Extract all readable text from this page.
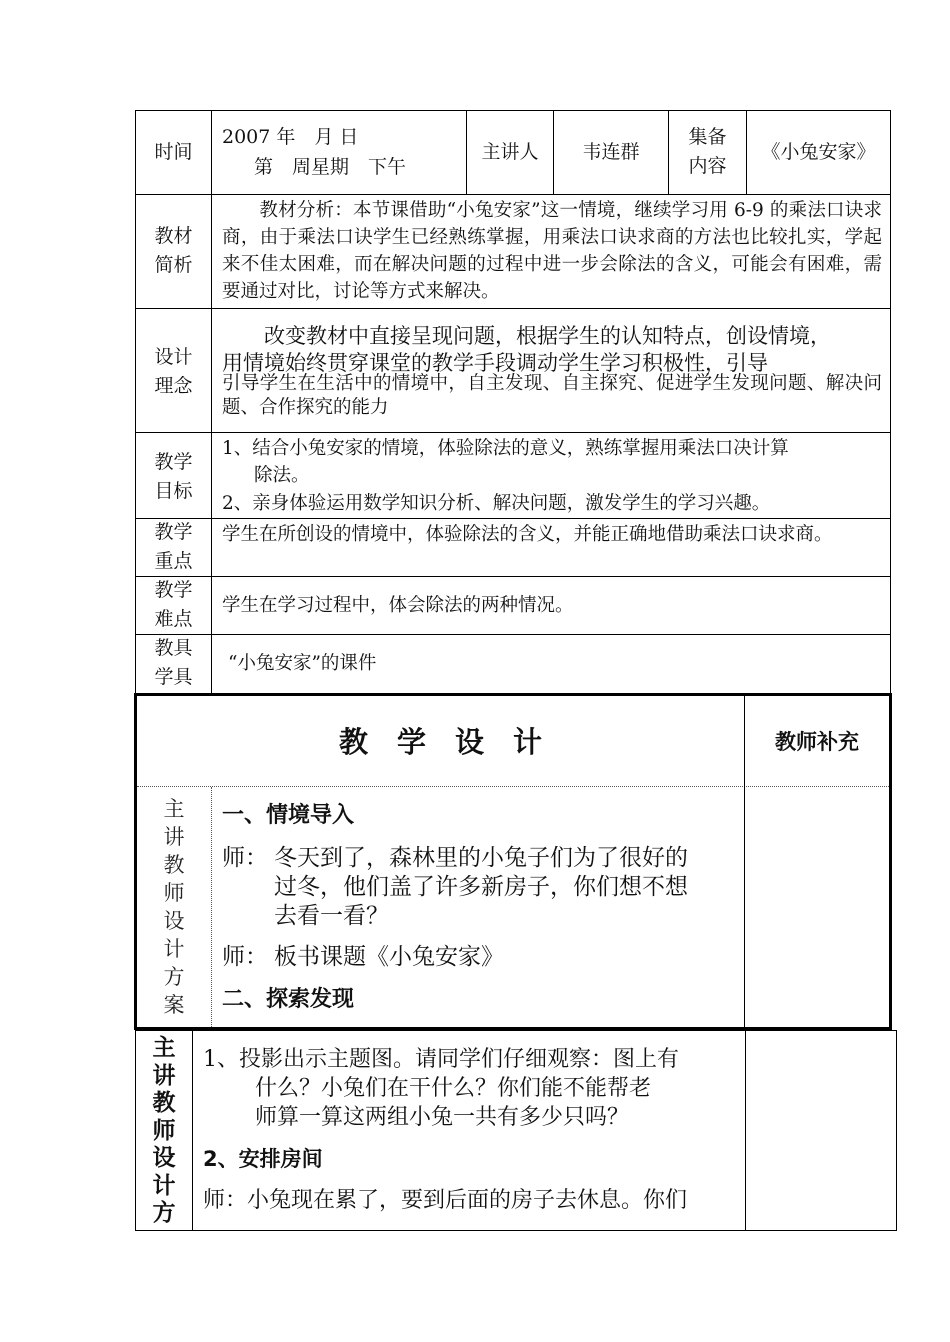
时间
2007 年　月 日
第　周星期　下午
主讲人	韦连群
集备
内容
《小兔安家》
教材
简析
　　教材分析：本节课借助“小兔安家”这一情境，继续学习用 6-9 的乘法口诀求商，由于乘法口诀学生已经熟练掌握，用乘法口诀求商的方法也比较扎实，学起来不佳太困难，而在解决问题的过程中进一步会除法的含义，可能会有困难，需要通过对比，讨论等方式来解决。
设计
理念
　　改变教材中直接呈现问题，根据学生的认知特点，创设情境，
用情境始终贯穿课堂的教学手段调动学生学习积极性，引导
引导学生在生活中的情境中，自主发现、自主探究、促进学生发现问题、解决问题、合作探究的能力
教学
目标
1、结合小兔安家的情境，体验除法的意义，熟练掌握用乘法口决计算
除法。
2、亲身体验运用数学知识分析、解决问题，激发学生的学习兴趣。
教学
重点
学生在所创设的情境中，体验除法的含义，并能正确地借助乘法口诀求商。
教学
难点
学生在学习过程中，体会除法的两种情况。
教具
学具
“小兔安家”的课件
教　学　设　计	教师补充
主
讲
教
师
设
计
方
案
一、情境导入
师： 冬天到了，森林里的小兔子们为了很好的
过冬，他们盖了许多新房子，你们想不想
去看一看？
师： 板书课题《小兔安家》
二、探索发现
主
讲
教
师
设
计
方
1、投影出示主题图。请同学们仔细观察：图上有
什么？小兔们在干什么？你们能不能帮老
师算一算这两组小兔一共有多少只吗？
2、安排房间
师：小兔现在累了，要到后面的房子去休息。你们
